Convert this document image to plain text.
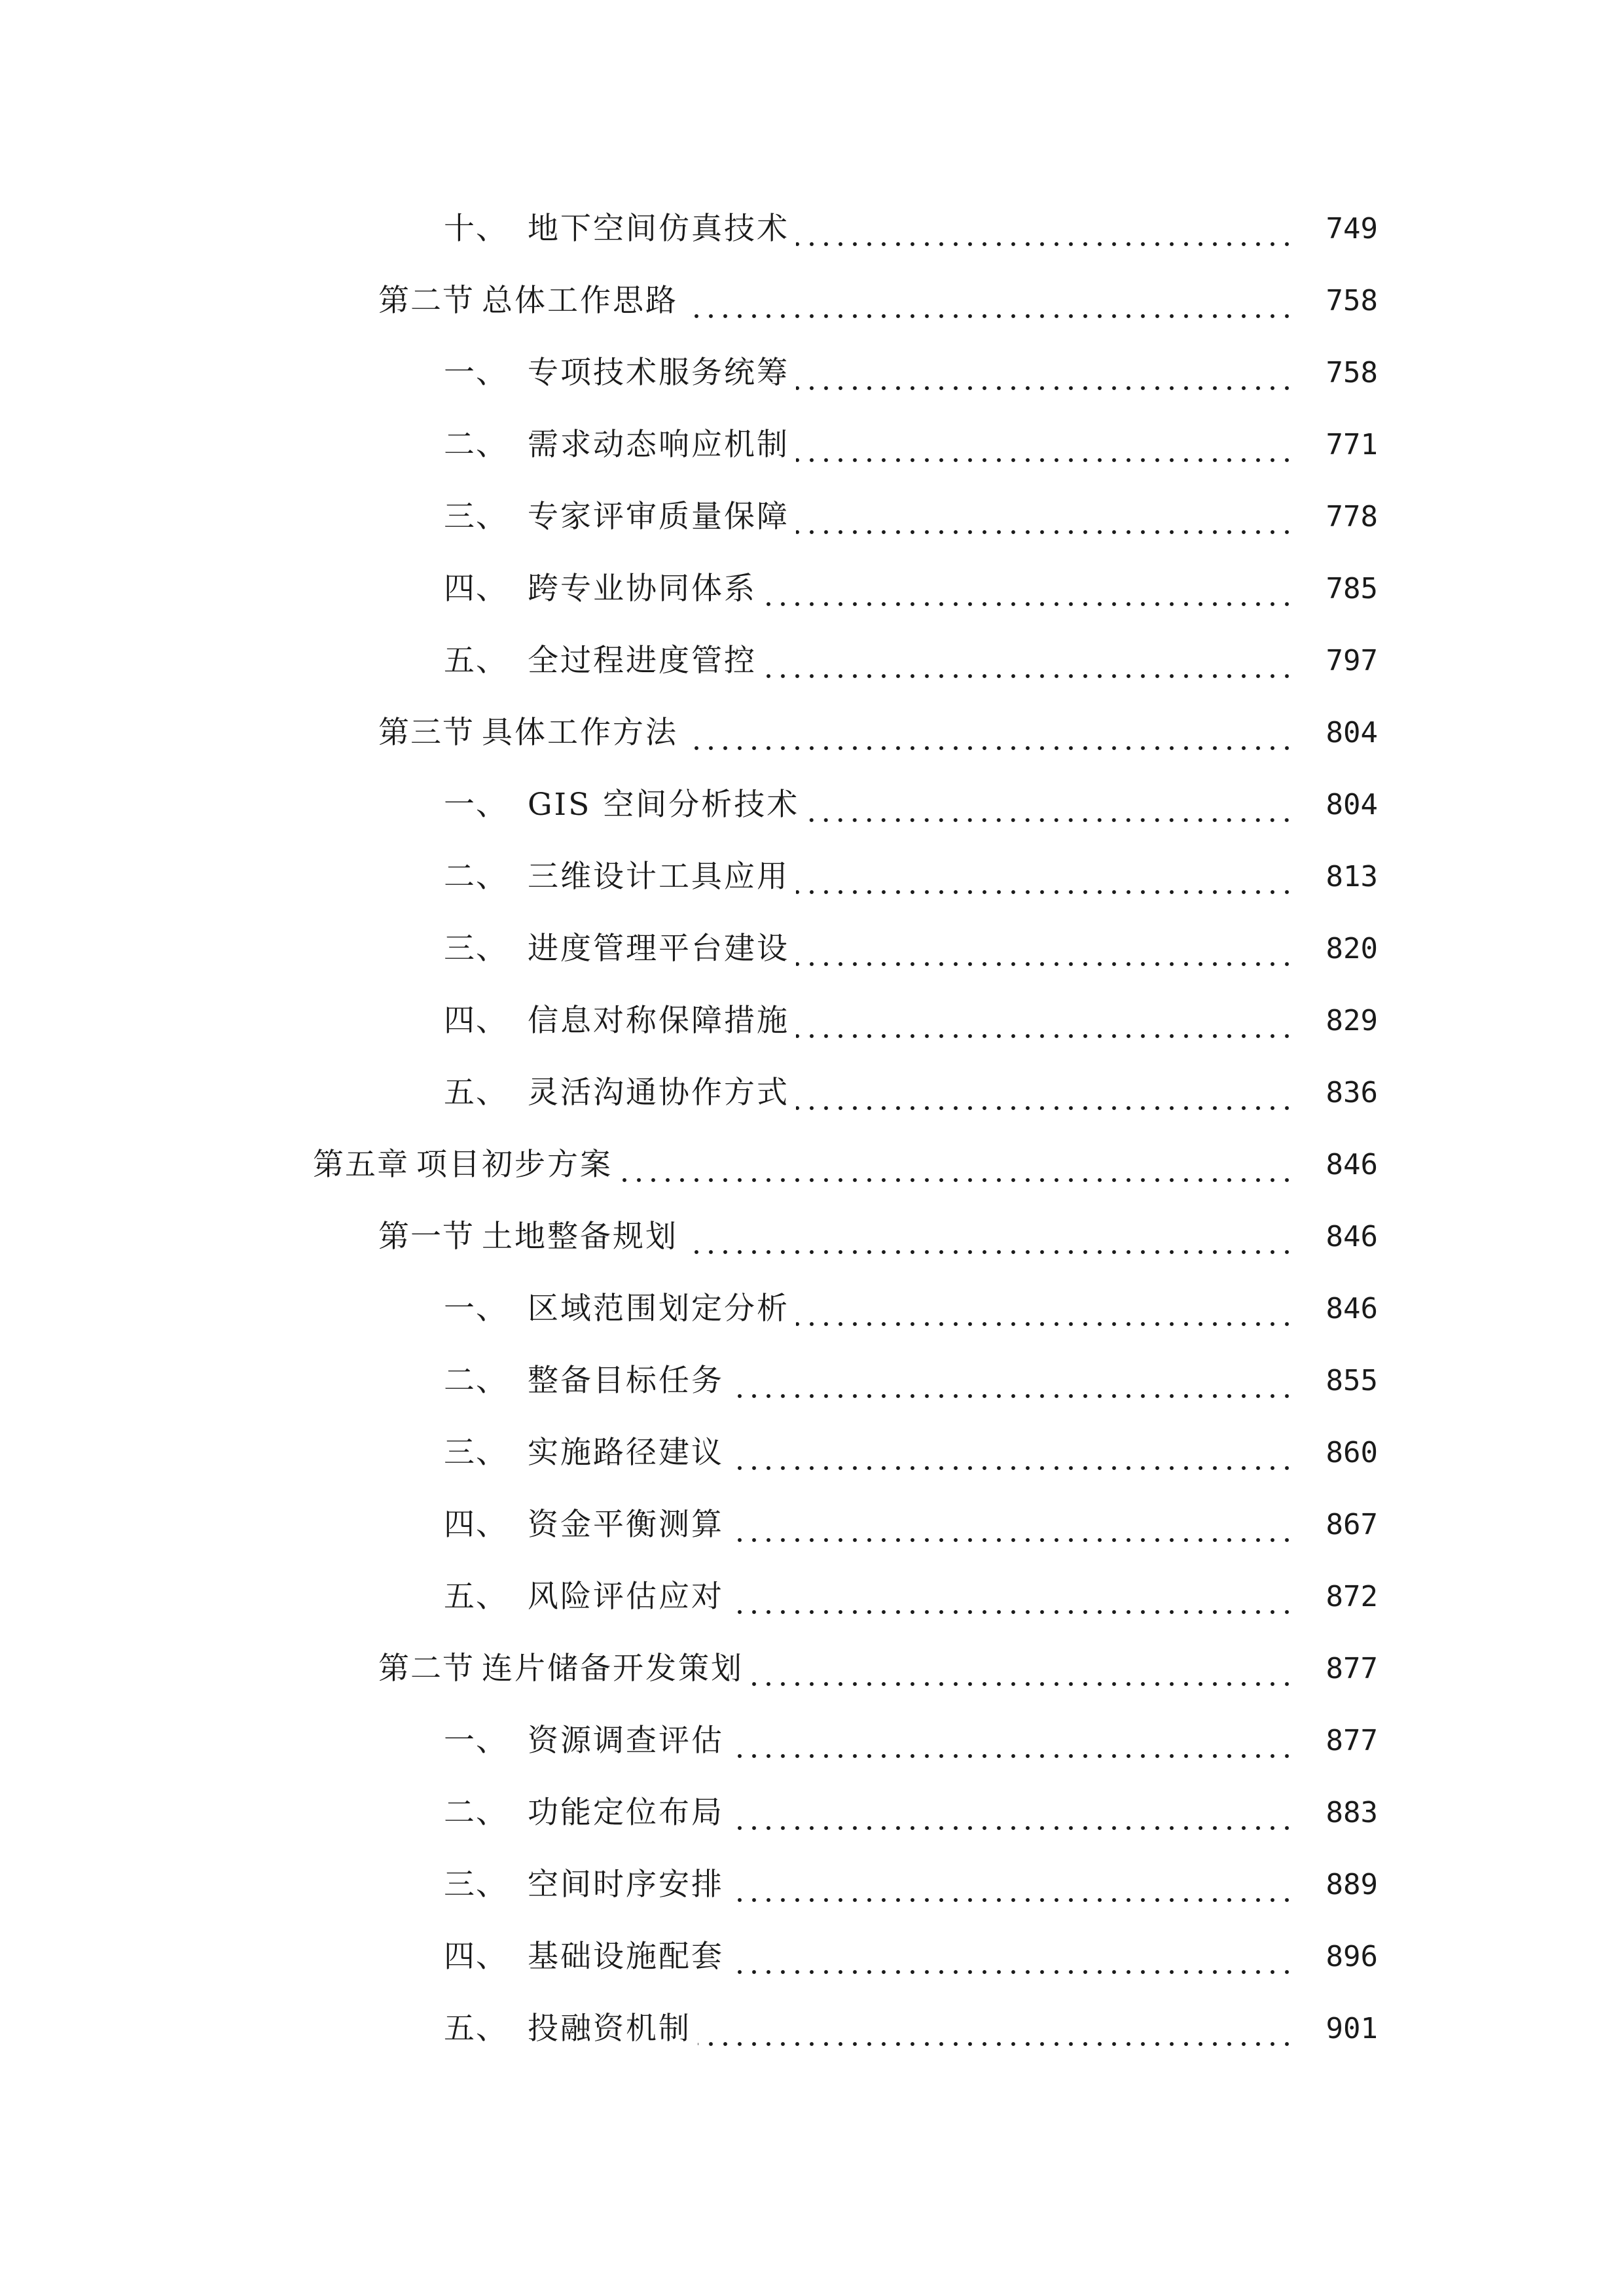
十、 地下空间仿真技术	749
第二节 总体工作思路	758
一、 专项技术服务统筹	758
二、 需求动态响应机制	771
三、 专家评审质量保障	778
四、 跨专业协同体系	785
五、 全过程进度管控	797
第三节 具体工作方法	804
一、 GIS 空间分析技术	804
二、 三维设计工具应用	813
三、 进度管理平台建设	820
四、 信息对称保障措施	829
五、 灵活沟通协作方式	836
第五章 项目初步方案	846
第一节 土地整备规划	846
一、 区域范围划定分析	846
二、 整备目标任务	855
三、 实施路径建议	860
四、 资金平衡测算	867
五、 风险评估应对	872
第二节 连片储备开发策划	877
一、 资源调查评估	877
二、 功能定位布局	883
三、 空间时序安排	889
四、 基础设施配套	896
五、 投融资机制	901
